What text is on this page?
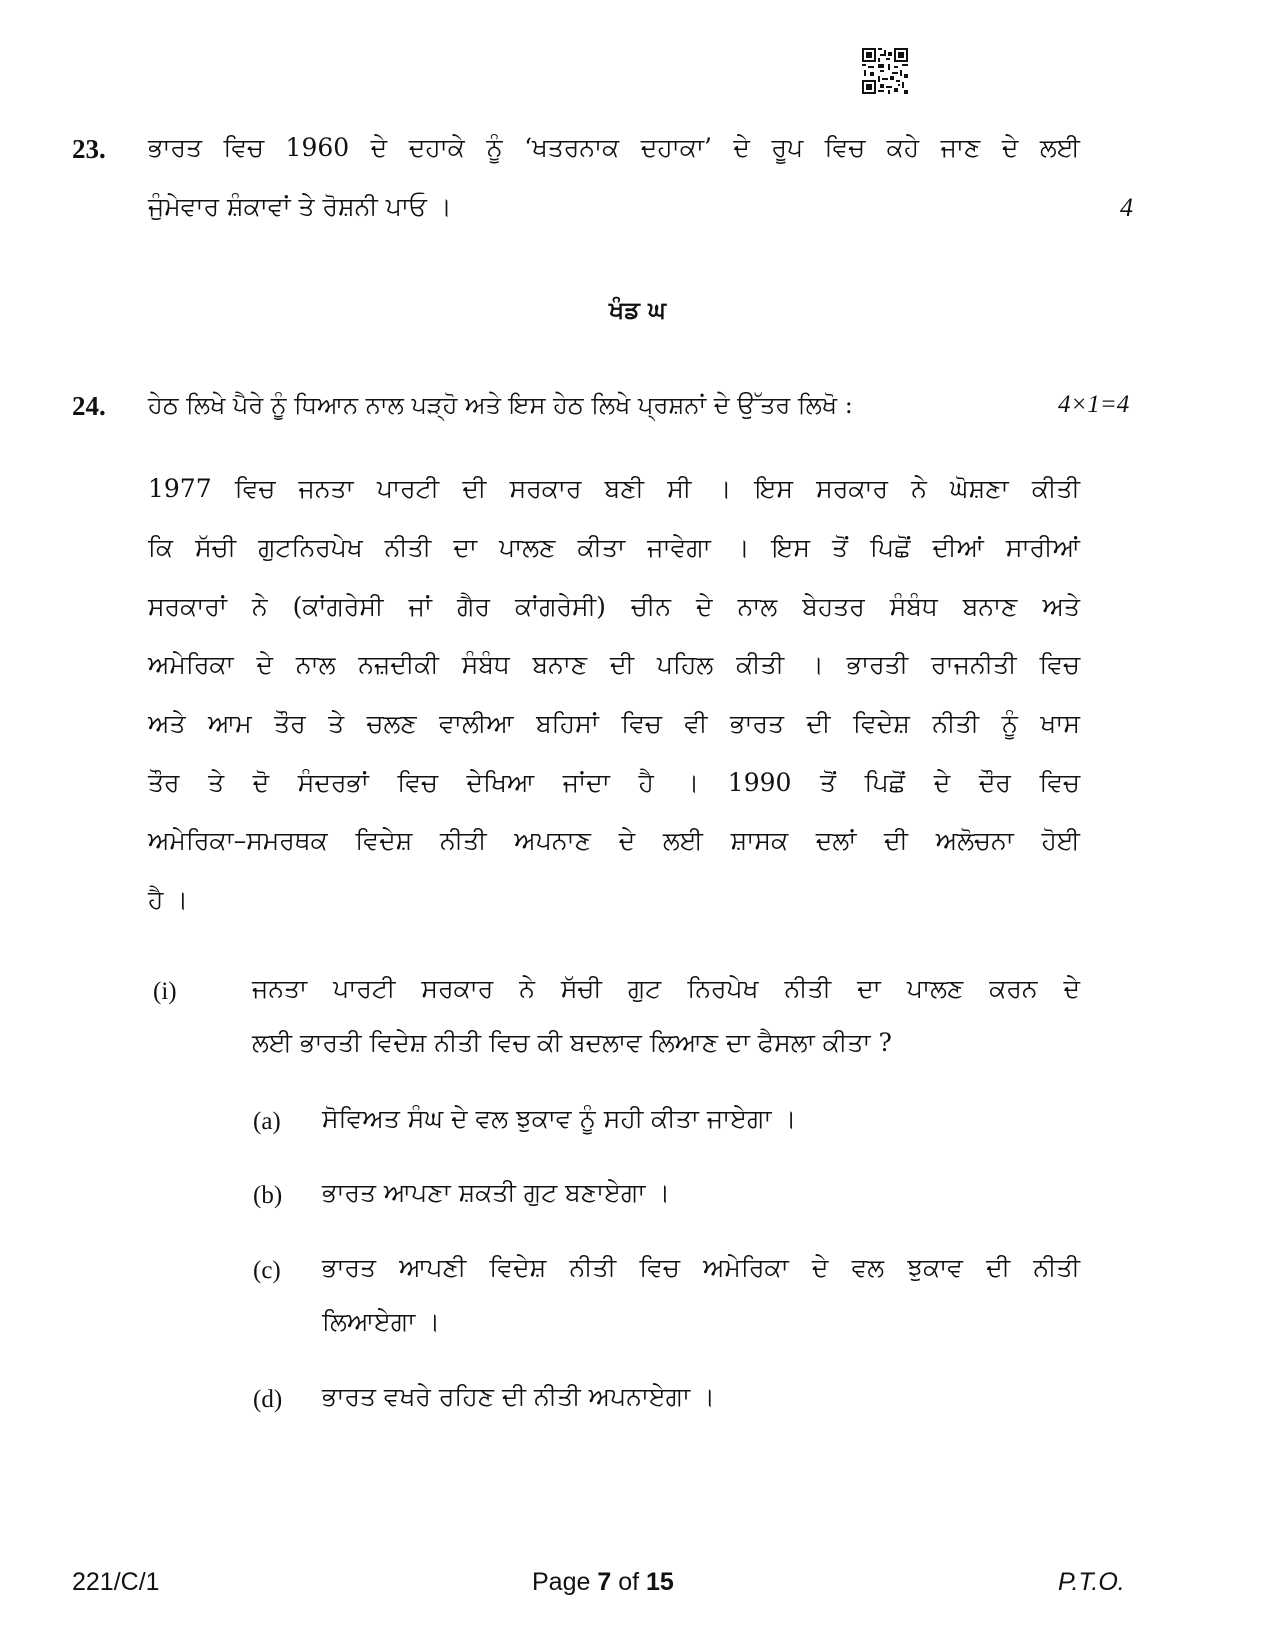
23. ਭਾਰਤ ਵਿਚ 1960 ਦੇ ਦਹਾਕੇ ਨੂੰ ‘ਖਤਰਨਾਕ ਦਹਾਕਾ’ ਦੇ ਰੂਪ ਵਿਚ ਕਹੇ ਜਾਣ ਦੇ ਲਈ
ਜੁੰਮੇਵਾਰ ਸ਼ੰਕਾਵਾਂ ਤੇ ਰੋਸ਼ਨੀ ਪਾਓ ।	4
ਖੰਡ ਘ
24. ਹੇਠ ਲਿਖੇ ਪੈਰੇ ਨੂੰ ਧਿਆਨ ਨਾਲ ਪੜ੍ਹੋ ਅਤੇ ਇਸ ਹੇਠ ਲਿਖੇ ਪ੍ਰਸ਼ਨਾਂ ਦੇ ਉੱਤਰ ਲਿਖੋ :	4×1=4
1977 ਵਿਚ ਜਨਤਾ ਪਾਰਟੀ ਦੀ ਸਰਕਾਰ ਬਣੀ ਸੀ । ਇਸ ਸਰਕਾਰ ਨੇ ਘੋਸ਼ਣਾ ਕੀਤੀ
ਕਿ ਸੱਚੀ ਗੁਟਨਿਰਪੇਖ ਨੀਤੀ ਦਾ ਪਾਲਣ ਕੀਤਾ ਜਾਵੇਗਾ । ਇਸ ਤੋਂ ਪਿਛੋਂ ਦੀਆਂ ਸਾਰੀਆਂ
ਸਰਕਾਰਾਂ ਨੇ (ਕਾਂਗਰੇਸੀ ਜਾਂ ਗੈਰ ਕਾਂਗਰੇਸੀ) ਚੀਨ ਦੇ ਨਾਲ ਬੇਹਤਰ ਸੰਬੰਧ ਬਨਾਣ ਅਤੇ
ਅਮੇਰਿਕਾ ਦੇ ਨਾਲ ਨਜ਼ਦੀਕੀ ਸੰਬੰਧ ਬਨਾਣ ਦੀ ਪਹਿਲ ਕੀਤੀ । ਭਾਰਤੀ ਰਾਜਨੀਤੀ ਵਿਚ
ਅਤੇ ਆਮ ਤੌਰ ਤੇ ਚਲਣ ਵਾਲੀਆ ਬਹਿਸਾਂ ਵਿਚ ਵੀ ਭਾਰਤ ਦੀ ਵਿਦੇਸ਼ ਨੀਤੀ ਨੂੰ ਖਾਸ
ਤੌਰ ਤੇ ਦੋ ਸੰਦਰਭਾਂ ਵਿਚ ਦੇਖਿਆ ਜਾਂਦਾ ਹੈ । 1990 ਤੋਂ ਪਿਛੋਂ ਦੇ ਦੌਰ ਵਿਚ
ਅਮੇਰਿਕਾ–ਸਮਰਥਕ ਵਿਦੇਸ਼ ਨੀਤੀ ਅਪਨਾਣ ਦੇ ਲਈ ਸ਼ਾਸਕ ਦਲਾਂ ਦੀ ਅਲੋਚਨਾ ਹੋਈ
ਹੈ ।
(i)	ਜਨਤਾ ਪਾਰਟੀ ਸਰਕਾਰ ਨੇ ਸੱਚੀ ਗੁਟ ਨਿਰਪੇਖ ਨੀਤੀ ਦਾ ਪਾਲਣ ਕਰਨ ਦੇ
ਲਈ ਭਾਰਤੀ ਵਿਦੇਸ਼ ਨੀਤੀ ਵਿਚ ਕੀ ਬਦਲਾਵ ਲਿਆਣ ਦਾ ਫੈਸਲਾ ਕੀਤਾ ?
(a) ਸੋਵਿਅਤ ਸੰਘ ਦੇ ਵਲ ਝੁਕਾਵ ਨੂੰ ਸਹੀ ਕੀਤਾ ਜਾਏਗਾ ।
(b) ਭਾਰਤ ਆਪਣਾ ਸ਼ਕਤੀ ਗੁਟ ਬਣਾਏਗਾ ।
(c) ਭਾਰਤ ਆਪਣੀ ਵਿਦੇਸ਼ ਨੀਤੀ ਵਿਚ ਅਮੇਰਿਕਾ ਦੇ ਵਲ ਝੁਕਾਵ ਦੀ ਨੀਤੀ
ਲਿਆਏਗਾ ।
(d) ਭਾਰਤ ਵਖਰੇ ਰਹਿਣ ਦੀ ਨੀਤੀ ਅਪਨਾਏਗਾ ।
221/C/1	Page 7 of 15	P.T.O.
